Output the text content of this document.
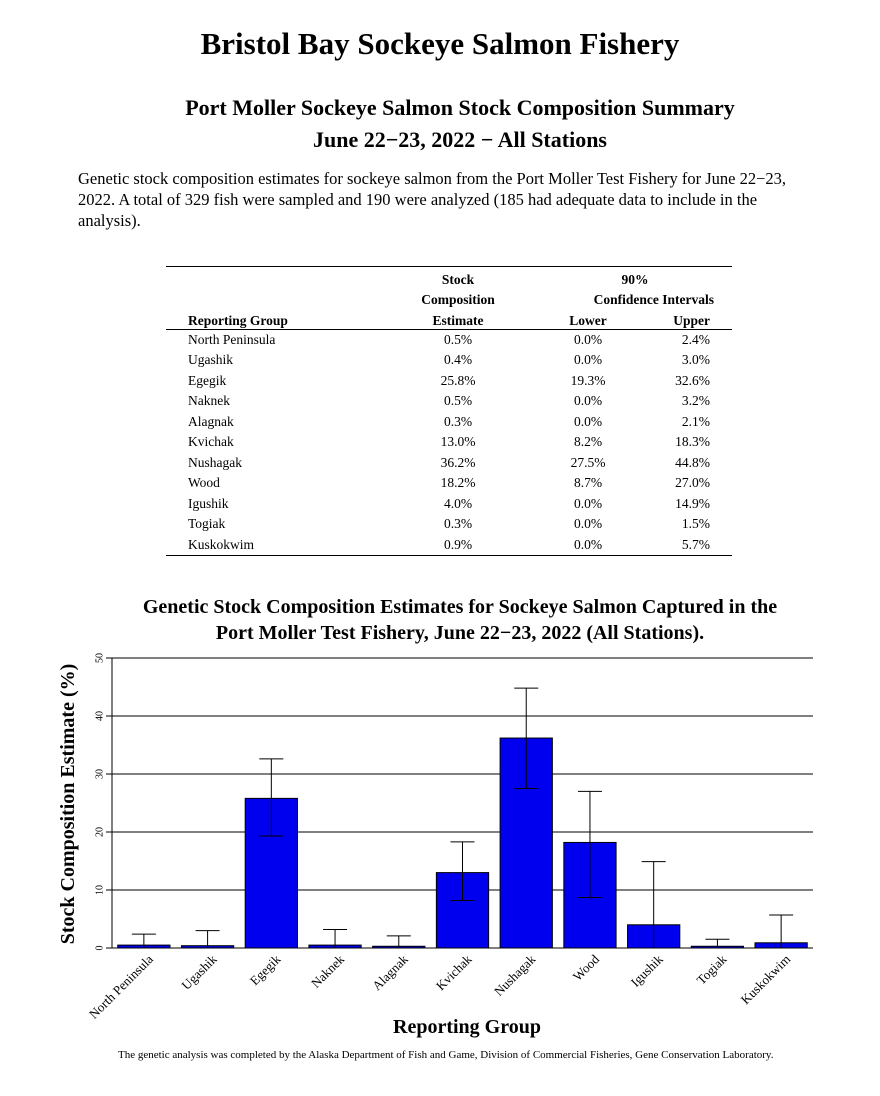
Bristol Bay Sockeye Salmon Fishery
Port Moller Sockeye Salmon Stock Composition Summary
June 22−23, 2022 − All Stations
Genetic stock composition estimates for sockeye salmon from the Port Moller Test Fishery for June 22−23, 2022. A total of 329 fish were sampled and 190 were analyzed (185 had adequate data to include in the analysis).
	Stock	90%	
	Composition	Confidence Intervals	
Reporting Group	Estimate	Lower	Upper
North Peninsula	0.5%	0.0%	2.4%
Ugashik	0.4%	0.0%	3.0%
Egegik	25.8%	19.3%	32.6%
Naknek	0.5%	0.0%	3.2%
Alagnak	0.3%	0.0%	2.1%
Kvichak	13.0%	8.2%	18.3%
Nushagak	36.2%	27.5%	44.8%
Wood	18.2%	8.7%	27.0%
Igushik	4.0%	0.0%	14.9%
Togiak	0.3%	0.0%	1.5%
Kuskokwim	0.9%	0.0%	5.7%
Genetic Stock Composition Estimates for Sockeye Salmon Captured in the
Port Moller Test Fishery, June 22−23, 2022 (All Stations).
0
10
20
30
40
50
North Peninsula Ugashik Egegik Naknek Alagnak Kvichak Nushagak Wood Igushik Togiak Kuskokwim
Reporting Group
Stock Composition Estimate (%)
The genetic analysis was completed by the Alaska Department of Fish and Game, Division of Commercial Fisheries, Gene Conservation Laboratory.
